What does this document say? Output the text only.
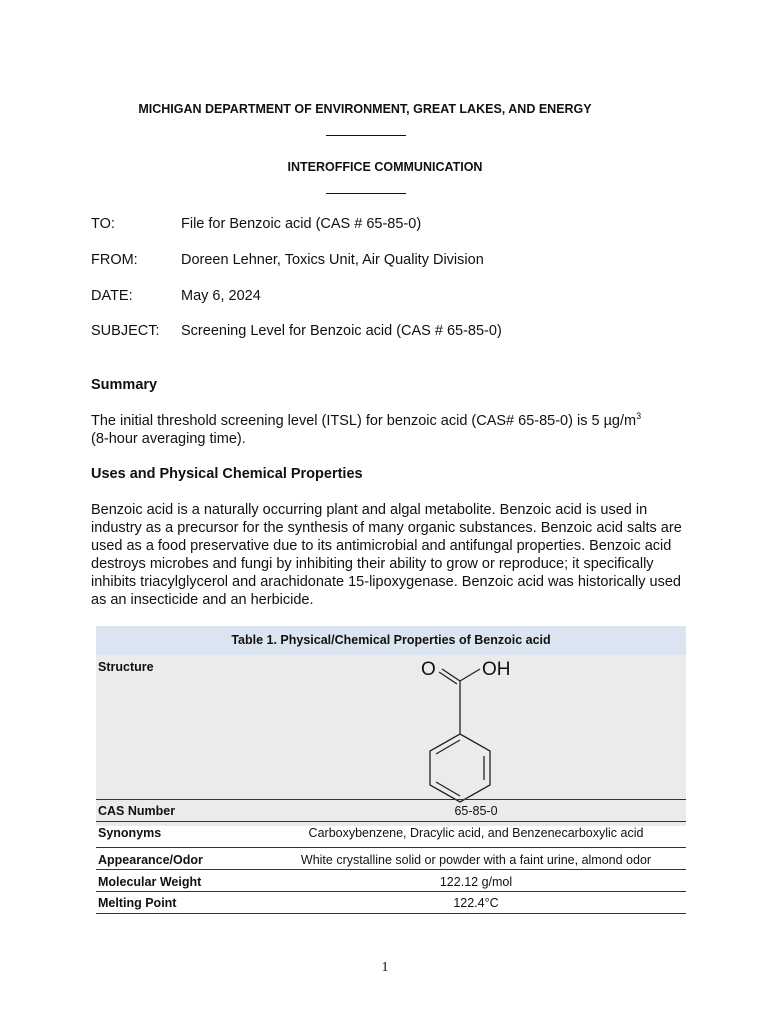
MICHIGAN DEPARTMENT OF ENVIRONMENT, GREAT LAKES, AND ENERGY
INTEROFFICE COMMUNICATION
TO:	File for Benzoic acid (CAS # 65-85-0)
FROM:	Doreen Lehner, Toxics Unit, Air Quality Division
DATE:	May 6, 2024
SUBJECT: Screening Level for Benzoic acid (CAS # 65-85-0)
Summary
The initial threshold screening level (ITSL) for benzoic acid (CAS# 65-85-0) is 5 $\mu g/m^3$
(8-hour averaging time).
Uses and Physical Chemical Properties
Benzoic acid is a naturally occurring plant and algal metabolite. Benzoic acid is used in industry as a precursor for the synthesis of many organic substances. Benzoic acid salts are used as a food preservative due to its antimicrobial and antifungal properties. Benzoic acid destroys microbes and fungi by inhibiting their ability to grow or reproduce; it specifically inhibits triacylglycerol and arachidonate 15-lipoxygenase. Benzoic acid was historically used as an insecticide and an herbicide.
Table 1. Physical/Chemical Properties of Benzoic acid
Structure	O OH
CAS Number	65-85-0
Synonyms	Carboxybenzene, Dracylic acid, and Benzenecarboxylic acid
Appearance/Odor	White crystalline solid or powder with a faint urine, almond odor
Molecular Weight	122.12 g/mol
Melting Point	122.4°C
1
